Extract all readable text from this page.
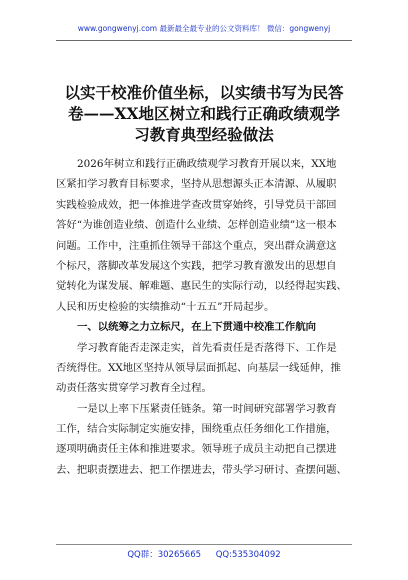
www.gongwenyj.com 最新最全最专业的公文资料库！ 微信：gongwenyj
以实干校准价值坐标，以实绩书写为民答
卷——XX地区树立和践行正确政绩观学
习教育典型经验做法
2026年树立和践行正确政绩观学习教育开展以来，XX地
区紧扣学习教育目标要求，坚持从思想源头正本清源、从履职
实践检验成效，把一体推进学查改贯穿始终，引导党员干部回
答好“为谁创造业绩、创造什么业绩、怎样创造业绩”这一根本
问题。工作中，注重抓住领导干部这个重点，突出群众满意这
个标尺，落脚改革发展这个实践，把学习教育激发出的思想自
觉转化为谋发展、解难题、惠民生的实际行动，以经得起实践、
人民和历史检验的实绩推动“十五五”开局起步。
一、以统筹之力立标尺，在上下贯通中校准工作航向
学习教育能否走深走实，首先看责任是否落得下、工作是
否统得住。XX地区坚持从领导层面抓起、向基层一线延伸，推
动责任落实贯穿学习教育全过程。
一是以上率下压紧责任链条。第一时间研究部署学习教育
工作，结合实际制定实施安排，围绕重点任务细化工作措施，
逐项明确责任主体和推进要求。领导班子成员主动把自己摆进
去、把职责摆进去、把工作摆进去，带头学习研讨、查摆问题、
QQ群：30265665 QQ:535304092
